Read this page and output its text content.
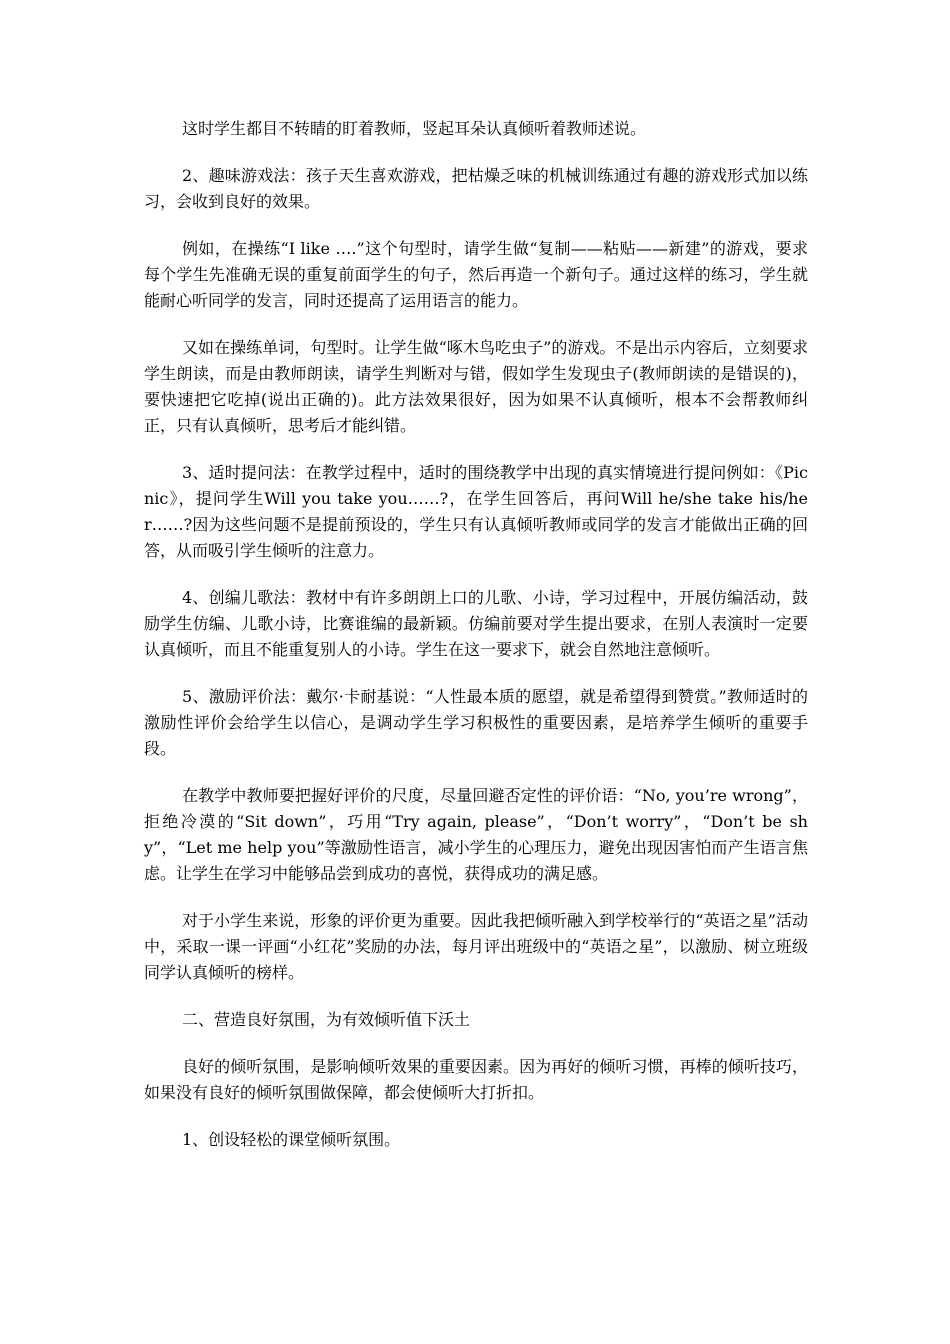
这时学生都目不转睛的盯着教师，竖起耳朵认真倾听着教师述说。

2、趣味游戏法：孩子天生喜欢游戏，把枯燥乏味的机械训练通过有趣的游戏形式加以练习，会收到良好的效果。

例如，在操练“I like ….”这个句型时，请学生做“复制——粘贴——新建”的游戏，要求每个学生先准确无误的重复前面学生的句子，然后再造一个新句子。通过这样的练习，学生就能耐心听同学的发言，同时还提高了运用语言的能力。

又如在操练单词，句型时。让学生做“啄木鸟吃虫子”的游戏。不是出示内容后，立刻要求学生朗读，而是由教师朗读，请学生判断对与错，假如学生发现虫子(教师朗读的是错误的)，要快速把它吃掉(说出正确的)。此方法效果很好，因为如果不认真倾听，根本不会帮教师纠正，只有认真倾听，思考后才能纠错。

3、适时提问法：在教学过程中，适时的围绕教学中出现的真实情境进行提问例如：《Picnic》，提问学生Will you take you……?，在学生回答后，再问Will he/she take his/her……?因为这些问题不是提前预设的，学生只有认真倾听教师或同学的发言才能做出正确的回答，从而吸引学生倾听的注意力。

4、创编儿歌法：教材中有许多朗朗上口的儿歌、小诗，学习过程中，开展仿编活动，鼓励学生仿编、儿歌小诗，比赛谁编的最新颖。仿编前要对学生提出要求，在别人表演时一定要认真倾听，而且不能重复别人的小诗。学生在这一要求下，就会自然地注意倾听。

5、激励评价法：戴尔·卡耐基说：“人性最本质的愿望，就是希望得到赞赏。”教师适时的激励性评价会给学生以信心，是调动学生学习积极性的重要因素，是培养学生倾听的重要手段。

在教学中教师要把握好评价的尺度，尽量回避否定性的评价语：“No, you’re wrong”，拒绝冷漠的“Sit down”，巧用“Try again, please”，“Don’t worry”，“Don’t be shy”，“Let me help you”等激励性语言，减小学生的心理压力，避免出现因害怕而产生语言焦虑。让学生在学习中能够品尝到成功的喜悦，获得成功的满足感。

对于小学生来说，形象的评价更为重要。因此我把倾听融入到学校举行的“英语之星”活动中，采取一课一评画“小红花”奖励的办法，每月评出班级中的“英语之星”，以激励、树立班级同学认真倾听的榜样。

二、营造良好氛围，为有效倾听值下沃土

良好的倾听氛围，是影响倾听效果的重要因素。因为再好的倾听习惯，再棒的倾听技巧，如果没有良好的倾听氛围做保障，都会使倾听大打折扣。

1、创设轻松的课堂倾听氛围。
